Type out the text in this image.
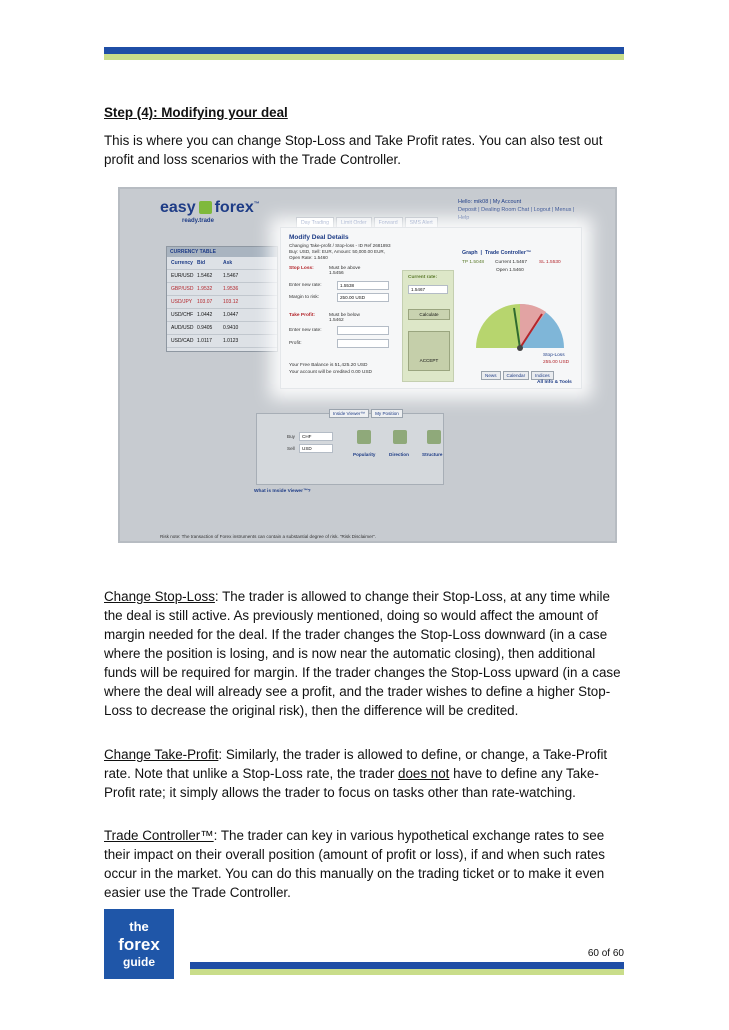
Step (4): Modifying your deal
This is where you can change Stop-Loss and Take Profit rates. You can also test out profit and loss scenarios with the Trade Controller.
easy forex™
ready.trade
Hello: mik08 | My Account
Deposit | Dealing Room Chat | Logout | Menus |
Help
Day Trading	Limit Order	Forward	SMS Alert
CURRENCY TABLE
Currency Bid	Ask
EUR/USD 1.5462	1.5467
GBP/USD 1.9532	1.9536
USD/JPY 103.07	103.12
USD/CHF 1.0442	1.0447
AUD/USD 0.9405	0.9410
USD/CAD 1.0117	1.0123
Modify Deal Details
Changing Take-profit / Stop-loss - ID Ref 2681893
Buy: USD, Sell: EUR, Amount: 50,000.00 EUR,
Open Rate: 1.5460
Stop Loss:	Must be above 1.5456
Enter new rate:	1.5538
Margin to risk:	250.00 USD
Take Profit:	Must be below 1.5462
Enter new rate:
Profit:
Your Free Balance is 51,425.20 USD
Your account will be credited 0.00 USD
Current rate:
1.5467
Calculate
ACCEPT
Graph  |  Trade Controller™
TP 1.5048 Current 1.5467	SL 1.5530
Open 1.5460
Stop-Loss
255.00 USD
News	Calendar	Indices
All Info & Tools
Inside Viewer™	My Position
Buy	CHF
Sell	USD
Popularity	Direction	Structure
What is Inside Viewer™?
Risk note: The transaction of Forex instruments can contain a substantial degree of risk. "Risk Disclaimer".
Change Stop-Loss: The trader is allowed to change their Stop-Loss, at any time while the deal is still active. As previously mentioned, doing so would affect the amount of margin needed for the deal. If the trader changes the Stop-Loss downward (in a case where the position is losing, and is now near the automatic closing), then additional funds will be required for margin. If the trader changes the Stop-Loss upward (in a case where the deal will already see a profit, and the trader wishes to define a higher Stop-Loss to decrease the original risk), then the difference will be credited.
Change Take-Profit: Similarly, the trader is allowed to define, or change, a Take-Profit rate. Note that unlike a Stop-Loss rate, the trader does not have to define any Take-Profit rate; it simply allows the trader to focus on tasks other than rate-watching.
Trade Controller™: The trader can key in various hypothetical exchange rates to see their impact on their overall position (amount of profit or loss), if and when such rates occur in the market. You can do this manually on the trading ticket or to make it even easier use the Trade Controller.
the
forex
guide
60 of 60
